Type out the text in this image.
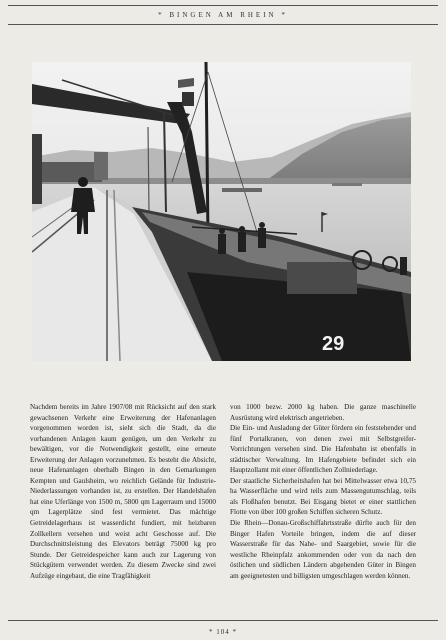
* BINGEN AM RHEIN *
29

Nachdem bereits im Jahre 1907/08 mit Rücksicht auf den stark gewachsenen Verkehr eine Erweiterung der Hafenanlagen vorgenommen worden ist, sieht sich die Stadt, da die vorhandenen Anlagen kaum genügen, um den Verkehr zu bewältigen, vor die Notwendigkeit gestellt, eine erneute Erweiterung der Anlagen vorzunehmen. Es besteht die Absicht, neue Hafenanlagen oberhalb Bingen in den Gemarkungen Kempten und Gaulsheim, wo reichlich Gelände für Industrie-Niederlassungen vorhanden ist, zu erstellen. Der Handelshafen hat eine Uferlänge von 1500 m, 5800 qm Lagerraum und 15000 qm Lagerplätze sind fest vermietet. Das mächtige Getreidelagerhaus ist wasserdicht fundiert, mit heizbaren Zollkellern versehen und weist acht Geschosse auf. Die Durchschnittsleistung des Elevators beträgt 75000 kg pro Stunde. Der Getreidespeicher kann auch zur Lagerung von Stückgütern verwendet werden. Zu diesem Zwecke sind zwei Aufzüge eingebaut, die eine Tragfähigkeit

von 1000 bezw. 2000 kg haben. Die ganze maschinelle Ausrüstung wird elektrisch angetrieben.

Die Ein- und Ausladung der Güter fördern ein feststehender und fünf Portalkranen, von denen zwei mit Selbstgreifer-Vorrichtungen versehen sind. Die Hafenbahn ist ebenfalls in städtischer Verwaltung. Im Hafengebiete befindet sich ein Hauptzollamt mit einer öffentlichen Zollniederlage.

Der staatliche Sicherheitshafen hat bei Mittelwasser etwa 10,75 ha Wasserfläche und wird teils zum Massengutumschlag, teils als Floßhafen benutzt. Bei Eisgang bietet er einer stattlichen Flotte von über 100 großen Schiffen sicheren Schutz.

Die Rhein—Donau-Großschiffahrtsstraße dürfte auch für den Binger Hafen Vorteile bringen, indem die auf dieser Wasserstraße für das Nahe- und Saargebiet, sowie für die westliche Rheinpfalz ankommenden oder von da nach den östlichen und südlichen Ländern abgehenden Güter in Bingen am geeignetesten und billigsten umgeschlagen werden können.

* 104 *
